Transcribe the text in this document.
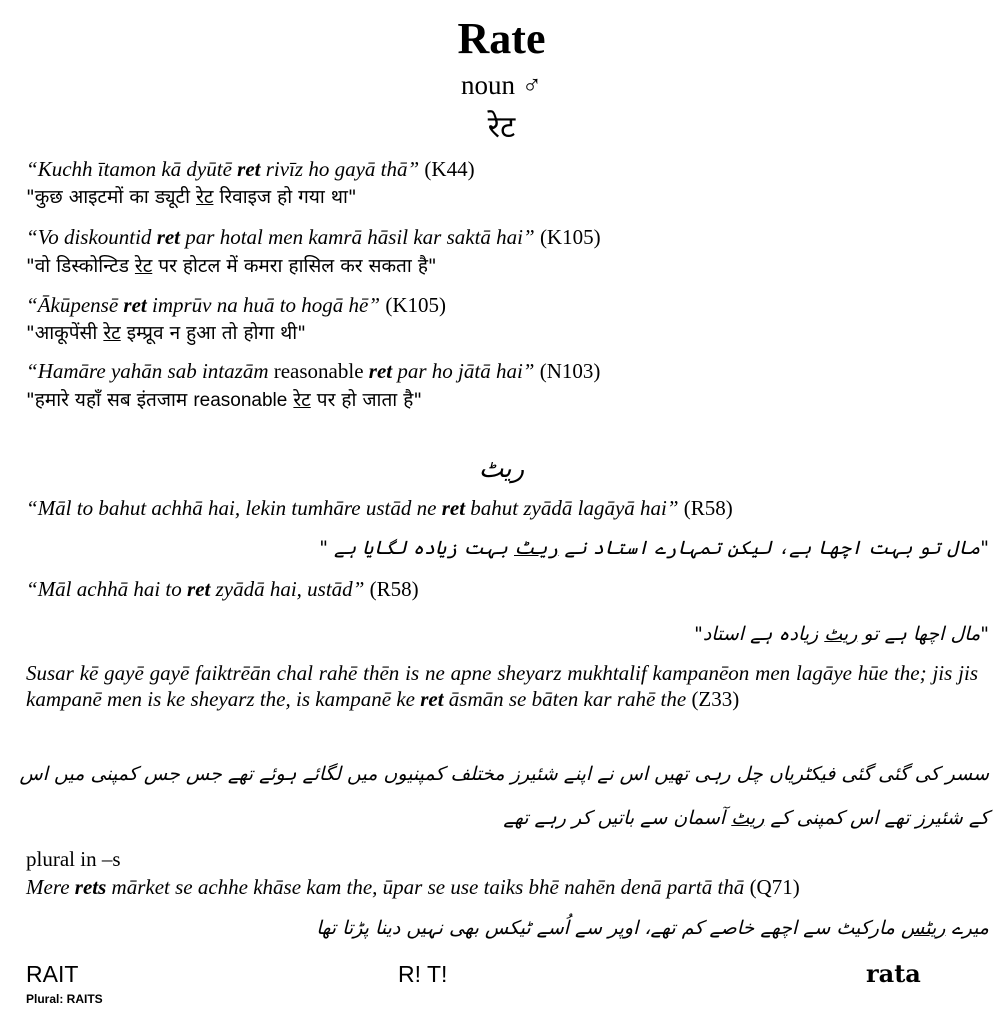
Rate
noun ♂
रेट
“Kuchh ītamon kā dyūtē ret rivīz ho gayā thā” (K44)
"कुछ आइटमों का ड्यूटी रेट रिवाइज हो गया था"
“Vo diskountid ret par hotal men kamrā hāsil kar saktā hai” (K105)
"वो डिस्कोन्टिड रेट पर होटल में कमरा हासिल कर सकता है"
“Ākūpensē ret imprūv na huā to hogā hē” (K105)
"आकूपेंसी रेट इम्प्रूव न हुआ तो होगा थी"
“Hamāre yahān sab intazām reasonable ret par ho jātā hai” (N103)
"हमारे यहाँ सब इंतजाम reasonable रेट पर हो जाता है"
ریٹ
“Māl to bahut achhā hai, lekin tumhāre ustād ne ret bahut zyādā lagāyā hai” (R58)
"مال تو بہت اچھا ہے، لیکن تمہارے استاد نے ریٹ بہت زیادہ لگایا ہے "
“Māl achhā hai to ret zyādā hai, ustād” (R58)
"مال اچھا ہے تو ریٹ زیادہ ہے استاد"
Susar kē gayē gayē faiktrēān chal rahē thēn is ne apne sheyarz mukhtalif kampanēon men lagāye hūe the; jis jis kampanē men is ke sheyarz the, is kampanē ke ret āsmān se bāten kar rahē the (Z33)
سسر کی گئی گئی فیکٹریاں چل رہی تھیں اس نے اپنے شئیرز مختلف کمپنیوں میں لگائے ہوئے تھے جس جس کمپنی میں اس کے شئیرز تھے اس کمپنی کے ریٹ آسمان سے باتیں کر رہے تھے
plural in –s
Mere rets mārket se achhe khāse kam the, ūpar se use taiks bhē nahēn denā partā thā (Q71)
میرے ریٹس مارکیٹ سے اچھے خاصے کم تھے، اوپر سے اُسے ٹیکس بھی نہیں دینا پڑتا تھا
RAIT
Plural: RAITS
R! T!	rata
